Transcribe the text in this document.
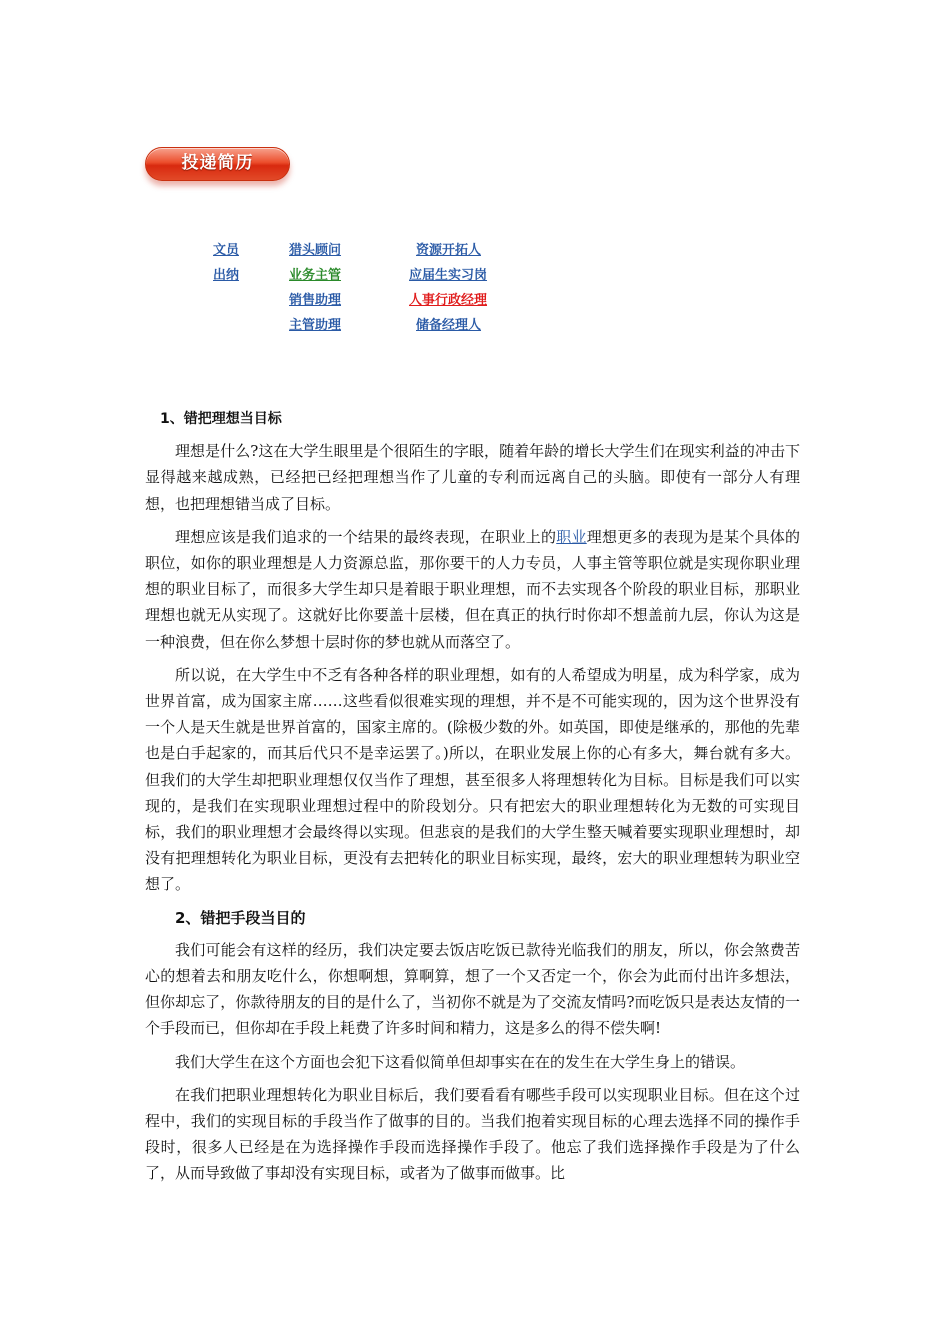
投递简历
文员
出纳
猎头顾问
业务主管
销售助理
主管助理
资源开拓人
应届生实习岗
人事行政经理
储备经理人
1、错把理想当目标

理想是什么?这在大学生眼里是个很陌生的字眼，随着年龄的增长大学生们在现实利益的冲击下显得越来越成熟，已经把已经把理想当作了儿童的专利而远离自己的头脑。即使有一部分人有理想，也把理想错当成了目标。

理想应该是我们追求的一个结果的最终表现，在职业上的职业理想更多的表现为是某个具体的职位，如你的职业理想是人力资源总监，那你要干的人力专员，人事主管等职位就是实现你职业理想的职业目标了，而很多大学生却只是着眼于职业理想，而不去实现各个阶段的职业目标，那职业理想也就无从实现了。这就好比你要盖十层楼，但在真正的执行时你却不想盖前九层，你认为这是一种浪费，但在你么梦想十层时你的梦也就从而落空了。

所以说，在大学生中不乏有各种各样的职业理想，如有的人希望成为明星，成为科学家，成为世界首富，成为国家主席……这些看似很难实现的理想，并不是不可能实现的，因为这个世界没有一个人是天生就是世界首富的，国家主席的。(除极少数的外。如英国，即使是继承的，那他的先辈也是白手起家的，而其后代只不是幸运罢了。)所以，在职业发展上你的心有多大，舞台就有多大。但我们的大学生却把职业理想仅仅当作了理想，甚至很多人将理想转化为目标。目标是我们可以实现的，是我们在实现职业理想过程中的阶段划分。只有把宏大的职业理想转化为无数的可实现目标，我们的职业理想才会最终得以实现。但悲哀的是我们的大学生整天喊着要实现职业理想时，却没有把理想转化为职业目标，更没有去把转化的职业目标实现，最终，宏大的职业理想转为职业空想了。

2、错把手段当目的

我们可能会有这样的经历，我们决定要去饭店吃饭已款待光临我们的朋友，所以，你会煞费苦心的想着去和朋友吃什么，你想啊想，算啊算，想了一个又否定一个，你会为此而付出许多想法，但你却忘了，你款待朋友的目的是什么了，当初你不就是为了交流友情吗?而吃饭只是表达友情的一个手段而已，但你却在手段上耗费了许多时间和精力，这是多么的得不偿失啊!

我们大学生在这个方面也会犯下这看似简单但却事实在在的发生在大学生身上的错误。

在我们把职业理想转化为职业目标后，我们要看看有哪些手段可以实现职业目标。但在这个过程中，我们的实现目标的手段当作了做事的目的。当我们抱着实现目标的心理去选择不同的操作手段时，很多人已经是在为选择操作手段而选择操作手段了。他忘了我们选择操作手段是为了什么了，从而导致做了事却没有实现目标，或者为了做事而做事。比
